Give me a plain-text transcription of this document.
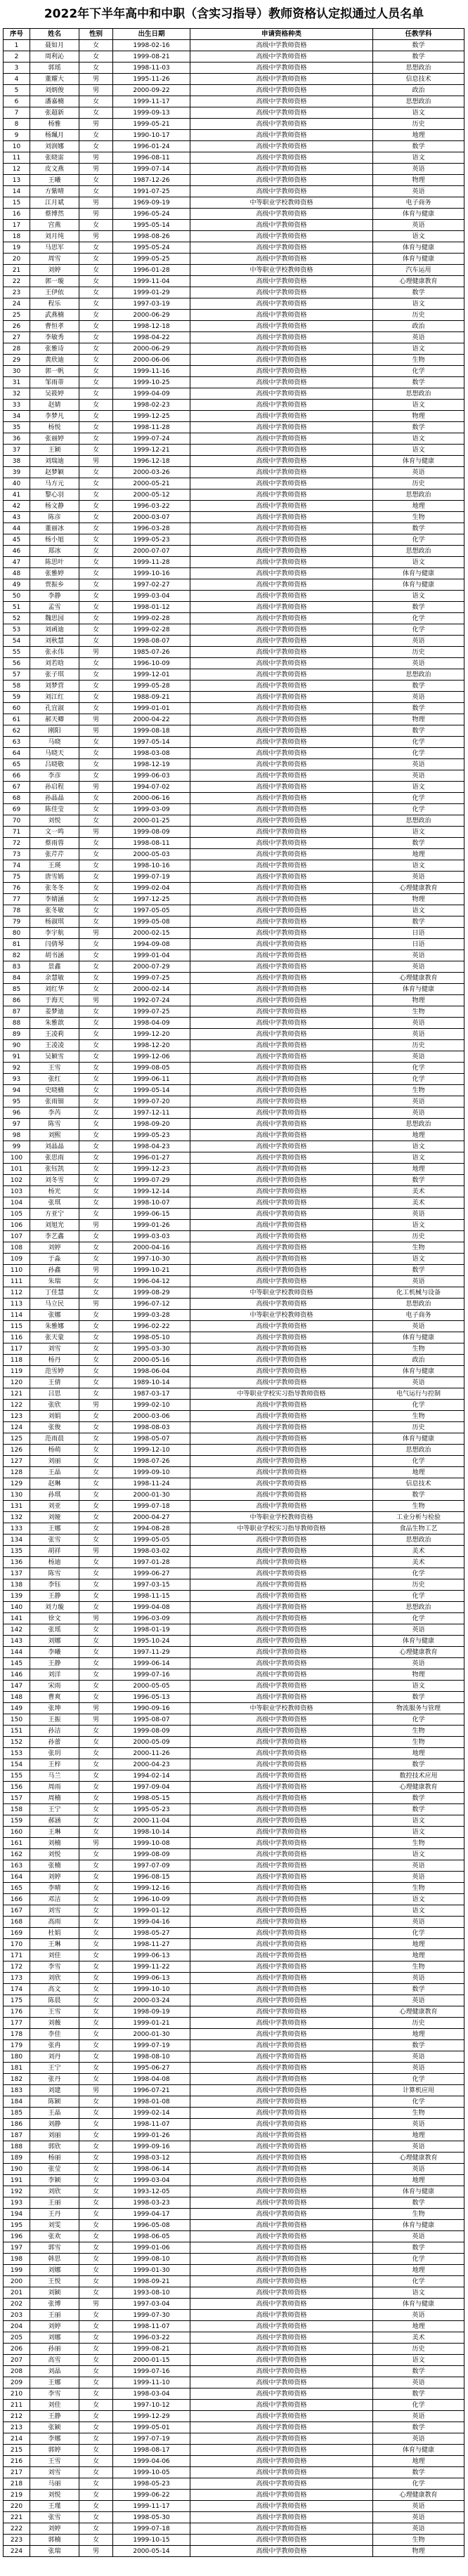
2022年下半年高中和中职（含实习指导）教师资格认定拟通过人员名单
序号	姓名	性别	出生日期	申请资格种类	任教学科
1	聂如月	女	1998-02-16	高级中学教师资格	数学
2	周利沁	女	1999-08-21	高级中学教师资格	数学
3	郭瑶	女	1998-11-03	高级中学教师资格	思想政治
4	董耀大	男	1995-11-26	高级中学教师资格	信息技术
5	刘炳俊	男	2000-09-22	高级中学教师资格	政治
6	潘嘉楠	女	1999-11-17	高级中学教师资格	思想政治
7	张超新	女	1999-09-13	高级中学教师资格	语文
8	杨雅	男	1999-05-21	高级中学教师资格	历史
9	杨珮月	女	1990-10-17	高级中学教师资格	地理
10	刘润娜	女	1996-01-24	高级中学教师资格	数学
11	张晓雷	男	1996-08-11	高级中学教师资格	语文
12	皮文燕	男	1999-07-14	高级中学教师资格	英语
13	王曦	女	1987-12-26	高级中学教师资格	物理
14	方紫晴	女	1991-07-25	高级中学教师资格	英语
15	江月斌	男	1969-09-19	中等职业学校教师资格	电子商务
16	蔡博然	男	1996-05-24	高级中学教师资格	体育与健康
17	宫燕	女	1995-05-14	高级中学教师资格	英语
18	刘月纯	男	1998-08-26	高级中学教师资格	语文
19	马思军	女	1995-05-24	高级中学教师资格	体育与健康
20	周雪	女	1999-05-25	高级中学教师资格	体育与健康
21	刘婷	女	1996-01-28	中等职业学校教师资格	汽车运用
22	郭一璇	女	1999-11-04	高级中学教师资格	心理健康教育
23	王伊依	女	1999-01-29	高级中学教师资格	数学
24	程乐	女	1997-03-19	高级中学教师资格	语文
25	武燕楠	女	2000-06-29	高级中学教师资格	历史
26	曹恒孝	女	1998-12-18	高级中学教师资格	政治
27	李敏秀	女	1998-04-22	高级中学教师资格	英语
28	张雅诗	女	2000-06-29	高级中学教师资格	语文
29	黄欣迪	女	2000-06-06	高级中学教师资格	生物
30	郭一帆	女	1999-11-16	高级中学教师资格	化学
31	邹雨蒂	女	1999-10-25	高级中学教师资格	数学
32	吴筱婷	女	1999-04-09	高级中学教师资格	思想政治
33	赵婧	女	1998-02-23	高级中学教师资格	语文
34	李梦凡	女	1999-12-25	高级中学教师资格	物理
35	杨悦	女	1998-11-28	高级中学教师资格	数学
36	张丽婷	女	1999-07-24	高级中学教师资格	语文
37	王颖	女	1999-12-21	高级中学教师资格	语文
38	刘瑞迪	男	1996-12-18	高级中学教师资格	体育与健康
39	赵梦颖	女	2000-03-26	高级中学教师资格	英语
40	马方元	女	2000-05-21	高级中学教师资格	历史
41	黎心羽	女	2000-05-12	高级中学教师资格	思想政治
42	杨文静	女	1996-03-22	高级中学教师资格	地理
43	陈彦	女	2000-03-07	高级中学教师资格	生物
44	董丽冰	女	1996-03-28	高级中学教师资格	数学
45	杨小旭	女	1999-05-23	高级中学教师资格	化学
46	郑冰	女	2000-07-07	高级中学教师资格	思想政治
47	陈思叶	女	1999-11-28	高级中学教师资格	语文
48	张雅婷	女	1999-10-16	高级中学教师资格	体育与健康
49	贾振乡	女	1997-02-27	高级中学教师资格	体育与健康
50	李静	女	1999-03-04	高级中学教师资格	语文
51	孟雪	女	1998-01-12	高级中学教师资格	数学
52	魏思园	女	1999-02-28	高级中学教师资格	化学
53	刘函迪	女	1999-02-28	高级中学教师资格	化学
54	刘秋慧	女	1998-08-07	高级中学教师资格	英语
55	张永伟	男	1985-07-26	高级中学教师资格	历史
56	刘若晗	女	1996-10-09	高级中学教师资格	英语
57	张子琪	女	1999-12-01	高级中学教师资格	思想政治
58	刘梦营	女	1999-05-28	高级中学教师资格	数学
59	刘江红	女	1988-09-21	高级中学教师资格	英语
60	孔宜淑	女	1999-01-01	高级中学教师资格	数学
61	郝天卿	男	2000-04-22	高级中学教师资格	物理
62	刚阳	男	1999-08-18	高级中学教师资格	数学
63	马晓	女	1997-05-14	高级中学教师资格	化学
64	马晓天	女	1998-03-08	高级中学教师资格	化学
65	吕晓敬	女	1998-12-19	高级中学教师资格	英语
66	李彦	女	1999-06-03	高级中学教师资格	英语
67	孙启程	男	1994-07-02	高级中学教师资格	语文
68	孙晶晶	女	2000-06-16	高级中学教师资格	化学
69	陈佳莹	女	1999-03-09	高级中学教师资格	化学
70	刘悦	女	2000-01-25	高级中学教师资格	思想政治
71	文一鸣	男	1999-08-09	高级中学教师资格	语文
72	蔡雨蓉	女	1998-08-11	高级中学教师资格	数学
73	张芹芹	女	2000-05-03	高级中学教师资格	地理
74	王瑛	女	1998-10-16	高级中学教师资格	语文
75	唐雪嫣	女	1999-07-19	高级中学教师资格	英语
76	张冬冬	女	1999-02-04	高级中学教师资格	心理健康教育
77	李婧涵	女	1997-12-25	高级中学教师资格	物理
78	张冬敏	女	1997-05-05	高级中学教师资格	语文
79	杨淑琪	女	1999-05-08	高级中学教师资格	数学
80	李宇航	男	2000-02-15	高级中学教师资格	日语
81	闫倩琴	女	1994-09-08	高级中学教师资格	日语
82	胡书涵	女	1999-01-04	高级中学教师资格	英语
83	景鑫	女	2000-07-29	高级中学教师资格	英语
84	余慧敏	女	1999-07-25	高级中学教师资格	心理健康教育
85	刘红华	女	2000-02-14	高级中学教师资格	体育与健康
86	于海天	男	1992-07-24	高级中学教师资格	物理
87	姜梦迪	女	1999-07-25	高级中学教师资格	生物
88	朱雅歆	女	1998-04-09	高级中学教师资格	英语
89	王凌莉	女	1999-12-20	高级中学教师资格	英语
90	王凌凌	女	1998-12-20	高级中学教师资格	历史
91	吴颖雪	女	1999-12-06	高级中学教师资格	英语
92	王雪	女	1999-08-05	高级中学教师资格	化学
93	张红	女	1999-06-11	高级中学教师资格	化学
94	史晓楠	女	1999-05-14	高级中学教师资格	生物
95	张雨钿	女	1999-07-20	高级中学教师资格	英语
96	李芮	女	1997-12-11	高级中学教师资格	英语
97	陈雪	女	1998-09-20	高级中学教师资格	思想政治
98	刘熙	女	1999-05-23	高级中学教师资格	地理
99	刘晶晶	女	1998-04-23	高级中学教师资格	语文
100	张思雨	女	1996-01-27	高级中学教师资格	语文
101	张钰凯	女	1999-12-23	高级中学教师资格	地理
102	刘冬雪	女	1999-07-29	高级中学教师资格	数学
103	杨光	女	1999-12-14	高级中学教师资格	美术
104	张琪	女	1998-10-07	高级中学教师资格	美术
105	方亚宁	女	1999-06-15	高级中学教师资格	英语
106	刘旭光	男	1999-01-26	高级中学教师资格	语文
107	李艺鑫	女	1999-03-03	高级中学教师资格	历史
108	刘婷	女	2000-04-16	高级中学教师资格	生物
109	于淼	女	1997-10-30	高级中学教师资格	语文
110	孙鑫	男	1999-10-21	高级中学教师资格	数学
111	朱瑞	女	1996-04-12	高级中学教师资格	英语
112	丁佳慧	女	1999-08-29	中等职业学校教师资格	化工机械与设备
113	马立民	男	1996-07-12	高级中学教师资格	思想政治
114	张娜	女	1999-03-28	中等职业学校教师资格	电子商务
115	朱雅娜	女	1996-02-22	高级中学教师资格	英语
116	张天蒙	女	1998-05-10	高级中学教师资格	体育与健康
117	刘雪	女	1995-03-30	高级中学教师资格	生物
118	杨丹	女	2000-05-16	高级中学教师资格	政治
119	范雪婷	女	1998-06-04	高级中学教师资格	体育与健康
120	王倩	女	1989-10-14	高级中学教师资格	英语
121	吕思	女	1987-03-17	中等职业学校实习指导教师资格	电气运行与控制
122	张欣	男	1999-02-10	高级中学教师资格	化学
123	刘娟	女	2000-03-06	高级中学教师资格	生物
124	张俊	女	1998-08-03	高级中学教师资格	历史
125	范雨晨	女	1998-05-07	高级中学教师资格	体育与健康
126	杨萌	女	1999-12-10	高级中学教师资格	思想政治
127	刘丽	女	1998-07-26	高级中学教师资格	化学
128	王晶	女	1999-09-10	高级中学教师资格	地理
129	赵琳	女	1998-11-24	高级中学教师资格	信息技术
130	孙琪	女	2000-01-30	高级中学教师资格	数学
131	刘亚	女	1999-07-18	高级中学教师资格	生物
132	刘娅	女	2000-04-27	中等职业学校教师资格	工业分析与检验
133	王娜	女	1994-08-28	中等职业学校实习指导教师资格	食品生物工艺
134	张雪	女	1999-05-05	高级中学教师资格	思想政治
135	胡祥	男	1998-03-02	高级中学教师资格	美术
136	杨迪	女	1997-01-28	高级中学教师资格	美术
137	陈雪	女	1999-06-27	高级中学教师资格	化学
138	李钰	女	1997-03-15	高级中学教师资格	历史
139	王静	女	1998-11-15	高级中学教师资格	化学
140	刘力璇	女	1999-04-08	高级中学教师资格	思想政治
141	徐文	男	1996-03-09	高级中学教师资格	化学
142	张瑶	女	1998-01-19	高级中学教师资格	英语
143	刘娜	女	1995-10-24	高级中学教师资格	体育与健康
144	李曦	女	1997-11-29	高级中学教师资格	心理健康教育
145	王静	女	1999-06-14	高级中学教师资格	英语
146	刘洋	女	1999-07-16	高级中学教师资格	物理
147	宋雨	女	2000-05-05	高级中学教师资格	语文
148	曹爽	女	1996-05-13	高级中学教师资格	数学
149	张坤	男	1990-09-16	中等职业学校教师资格	物流服务与管理
150	王振	男	1995-08-07	高级中学教师资格	化学
151	孙洁	女	1999-08-09	高级中学教师资格	生物
152	孙蕾	女	2000-05-09	高级中学教师资格	生物
153	张玥	女	2000-11-26	高级中学教师资格	地理
154	王梓	女	2000-04-23	高级中学教师资格	数学
155	马兰	女	1994-02-14	高级中学教师资格	数控技术应用
156	周雨	女	1997-09-04	高级中学教师资格	心理健康教育
157	周楠	女	1998-05-15	高级中学教师资格	数学
158	王宁	女	1995-05-23	高级中学教师资格	数学
159	郝涵	女	2000-11-04	高级中学教师资格	语文
160	王琳	女	1998-10-14	高级中学教师资格	语文
161	刘楠	男	1999-10-08	高级中学教师资格	生物
162	刘悦	女	1999-08-09	高级中学教师资格	语文
163	张楠	女	1997-07-09	高级中学教师资格	英语
164	刘婷	女	1996-08-15	高级中学教师资格	英语
165	李晴	女	1999-12-16	高级中学教师资格	生物
166	邓洁	女	1996-10-09	高级中学教师资格	语文
167	刘雪	女	1999-01-12	高级中学教师资格	语文
168	高雨	女	1999-04-16	高级中学教师资格	英语
169	杜娟	女	1998-05-27	高级中学教师资格	化学
170	王琳	女	1998-11-27	高级中学教师资格	地理
171	刘佳	女	1999-06-13	高级中学教师资格	地理
172	李雪	女	1999-11-22	高级中学教师资格	生物
173	刘欣	女	1999-06-13	高级中学教师资格	英语
174	高文	女	1999-10-10	高级中学教师资格	数学
175	陈晨	女	2000-03-24	高级中学教师资格	英语
176	王雪	女	1998-09-19	高级中学教师资格	心理健康教育
177	刘薇	女	1999-01-21	高级中学教师资格	历史
178	李佳	女	2000-01-30	高级中学教师资格	地理
179	张冉	女	1999-07-19	高级中学教师资格	数学
180	刘丹	女	1998-08-10	高级中学教师资格	英语
181	王宁	女	1995-06-27	高级中学教师资格	英语
182	张丹	女	1998-04-08	高级中学教师资格	化学
183	刘建	男	1996-07-21	高级中学教师资格	计算机应用
184	陈颖	女	1998-01-08	高级中学教师资格	化学
185	王晶	女	1999-02-14	高级中学教师资格	生物
186	刘静	女	1998-11-07	高级中学教师资格	英语
187	刘丽	女	1999-01-26	高级中学教师资格	地理
188	郭欣	女	1999-09-16	高级中学教师资格	英语
189	杨丽	女	1998-03-12	高级中学教师资格	心理健康教育
190	张莹	女	1998-06-14	高级中学教师资格	英语
191	李颖	女	1999-03-04	高级中学教师资格	地理
192	刘欣	女	1993-12-05	高级中学教师资格	体育与健康
193	王丽	女	1998-03-23	高级中学教师资格	数学
194	王丹	女	1999-04-17	高级中学教师资格	生物
195	刘雯	女	1996-05-08	高级中学教师资格	体育与健康
196	张欢	女	1998-06-05	高级中学教师资格	英语
197	郭雪	女	1999-01-06	高级中学教师资格	数学
198	韩思	女	1999-08-10	高级中学教师资格	化学
199	刘娜	女	1999-01-30	高级中学教师资格	地理
200	王悦	女	1998-09-21	高级中学教师资格	化学
201	刘颖	女	1993-08-10	高级中学教师资格	语文
202	张博	男	1997-03-04	高级中学教师资格	体育与健康
203	王丽	女	1999-07-30	高级中学教师资格	英语
204	刘婷	女	1998-11-07	高级中学教师资格	地理
205	刘娜	女	1996-03-22	高级中学教师资格	美术
206	孙丽	女	1999-08-21	高级中学教师资格	历史
207	高雪	女	2000-01-15	高级中学教师资格	语文
208	刘晶	女	1999-07-16	高级中学教师资格	数学
209	王娜	女	1999-11-10	高级中学教师资格	英语
210	李雪	女	1998-03-04	高级中学教师资格	数学
211	刘佳	女	1997-10-12	高级中学教师资格	化学
212	王静	女	1999-12-29	高级中学教师资格	英语
213	张颖	女	1999-05-01	高级中学教师资格	数学
214	李娜	女	1997-07-19	高级中学教师资格	英语
215	郭婷	女	1998-08-17	高级中学教师资格	体育与健康
216	王雪	女	1999-04-06	高级中学教师资格	地理
217	刘雪	女	1999-10-05	高级中学教师资格	数学
218	马丽	女	1998-05-23	高级中学教师资格	化学
219	刘悦	女	1999-06-22	高级中学教师资格	心理健康教育
220	王瑾	女	1999-11-17	高级中学教师资格	英语
221	张雪	女	1998-05-30	高级中学教师资格	英语
222	刘婷	女	1999-07-18	高级中学教师资格	英语
223	郭楠	女	1999-10-15	高级中学教师资格	生物
224	张瑞	男	2000-05-14	高级中学教师资格	物理
